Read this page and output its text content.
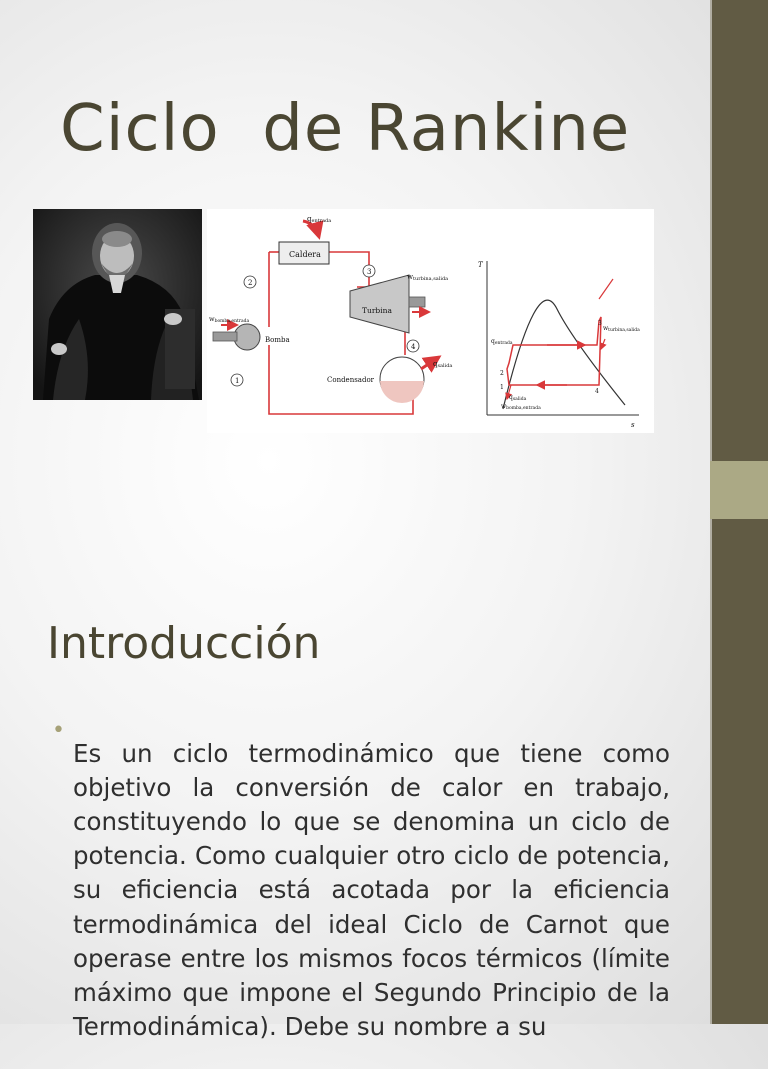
Ciclo  de Rankine
Caldera
qentrada
Turbina
wturbina,salida
Bomba
wbomba,entrada
Condensador
qsalida
2
3
4
1
T
s
qentrada
wturbina,salida
qsalida
wbomba,entrada
2
1
3
4
Introducción
•

Es un ciclo termodinámico que tiene como objetivo la conversión de calor en trabajo, constituyendo lo que se denomina un ciclo de potencia. Como cualquier otro ciclo de potencia, su eficiencia está acotada por la eficiencia termodinámica del ideal Ciclo de Carnot que operase entre los mismos focos térmicos (límite máximo que impone el Segundo Principio de la Termodinámica). Debe su nombre a su
